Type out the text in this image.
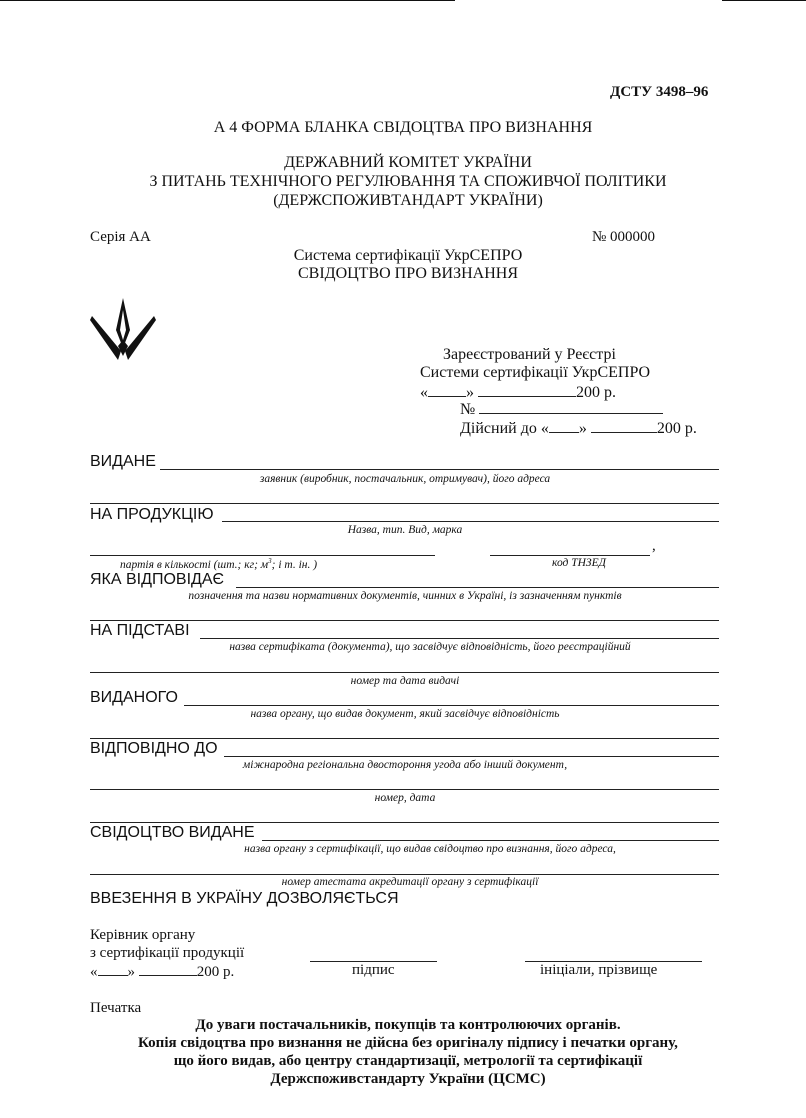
ДСТУ 3498–96
А 4 ФОРМА БЛАНКА СВІДОЦТВА ПРО ВИЗНАННЯ
ДЕРЖАВНИЙ КОМІТЕТ УКРАЇНИ
З ПИТАНЬ ТЕХНІЧНОГО РЕГУЛЮВАННЯ ТА СПОЖИВЧОЇ ПОЛІТИКИ
(ДЕРЖСПОЖИВТАНДАРТ УКРАЇНИ)
Серія АА	№ 000000
Система сертифікації УкрСЕПРО
СВІДОЦТВО ПРО ВИЗНАННЯ
Зареєстрований у Реєстрі
Системи сертифікації УкрСЕПРО
« »	200 р.
№
Дійсний до « »	200 р.
ВИДАНЕ
заявник (виробник, постачальник, отримувач), його адреса
НА ПРОДУКЦІЮ
Назва, тип. Вид, марка
,
партія в кількості (шт.; кг; $м^3$; і т. ін. )	код ТНЗЕД
ЯКА ВІДПОВІДАЄ
позначення та назви нормативних документів, чинних в Україні, із зазначенням пунктів
НА ПІДСТАВІ
назва сертифіката (документа), що засвідчує відповідність, його реєстраційний
номер та дата видачі
ВИДАНОГО
назва органу, що видав документ, який засвідчує відповідність
ВІДПОВІДНО ДО
міжнародна регіональна двостороння угода або інший документ,
номер, дата
СВІДОЦТВО ВИДАНЕ
назва органу з сертифікації, що видав свідоцтво про визнання, його адреса,
номер атестата акредитації органу з сертифікації
ВВЕЗЕННЯ В УКРАЇНУ ДОЗВОЛЯЄТЬСЯ
Керівник органу
з сертифікації продукції
« »	200 р.	підпис	ініціали, прізвище
Печатка
До уваги постачальників, покупців та контролюючих органів.
Копія свідоцтва про визнання не дійсна без оригіналу підпису і печатки органу,
що його видав, або центру стандартизації, метрології та сертифікації
Держспоживстандарту України (ЦСМС)
